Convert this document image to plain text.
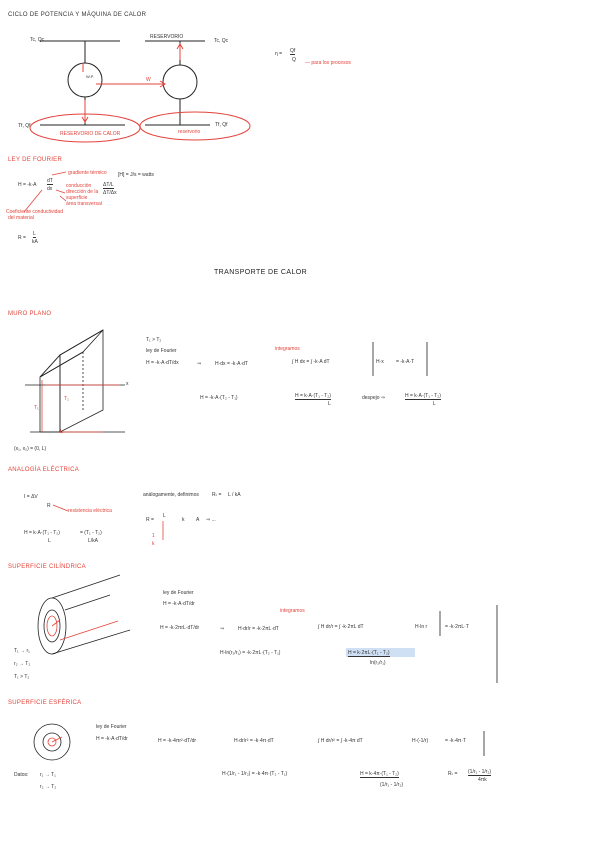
CICLO DE POTENCIA Y MÁQUINA DE CALOR
Tc, Qc	RESERVORIO
Tc, Qc
W.P.
W
Tf, Qf	Tf, Qf
RESERVORIO DE CALOR	reservorio
η = Qf
Q — para los procesos
LEY DE FOURIER
[H] = J/s = watts
H = -k·A
dT
dx
gradiente térmico
conducción
dirección de la
superficie
área transversal
ΔT/L
ΔT/Δx
Coeficiente conductividad
del material
R =
L
kA
TRANSPORTE DE CALOR
MURO PLANO
T₁ > T₂
ley de Fourier
H = -k·A·dT/dx	⇒	H·dx = -k·A·dT
integramos
∫ H dx = ∫ -k·A dT	H·x = -k·A·T
H = -k·A·(T₂ - T₁)	H = k·A·(T₁ - T₂)
L
despejo ⇒	H = k·A·(T₁ - T₂)
L
x
T₁
T₂
L
(x₁, x₂) = (0, L)
ANALOGÍA ELÉCTRICA
I = ΔV
R
resistencia eléctrica
H = k·A·(T₁ - T₂)
L
= (T₁ - T₂)
L/kA
análogamente, definimos	Rₜ = L / kA
R =
L
k A ⇒ ...
1
k
SUPERFICIE CILÍNDRICA
ley de Fourier
H = -k·A·dT/dr
H = -k·2πrL·dT/dr	⇒	H·dr/r = -k·2πL·dT
integramos
∫ H dr/r = ∫ -k·2πL dT	H·ln r	= -k·2πL·T
H·ln(r₂/r₁) = -k·2πL·(T₂ - T₁)	H = k·2πL·(T₁ - T₂)
ln(r₂/r₁)
T₁ → r₁
r₂ → T₂
T₁ > T₂
SUPERFICIE ESFÉRICA
ley de Fourier
H = -k·A·dT/dr	H = -k·4πr²·dT/dr	H·dr/r² = -k·4π·dT	∫ H dr/r² = ∫ -k·4π dT	H·(-1/r)	= -k·4π·T
H·(1/r₁ - 1/r₂) = -k·4π·(T₂ - T₁)	H = k·4π·(T₁ - T₂)
(1/r₁ - 1/r₂)
Rₜ = (1/r₁ - 1/r₂)
4πk
Datos: r₁ → T₁
r₂ → T₂
